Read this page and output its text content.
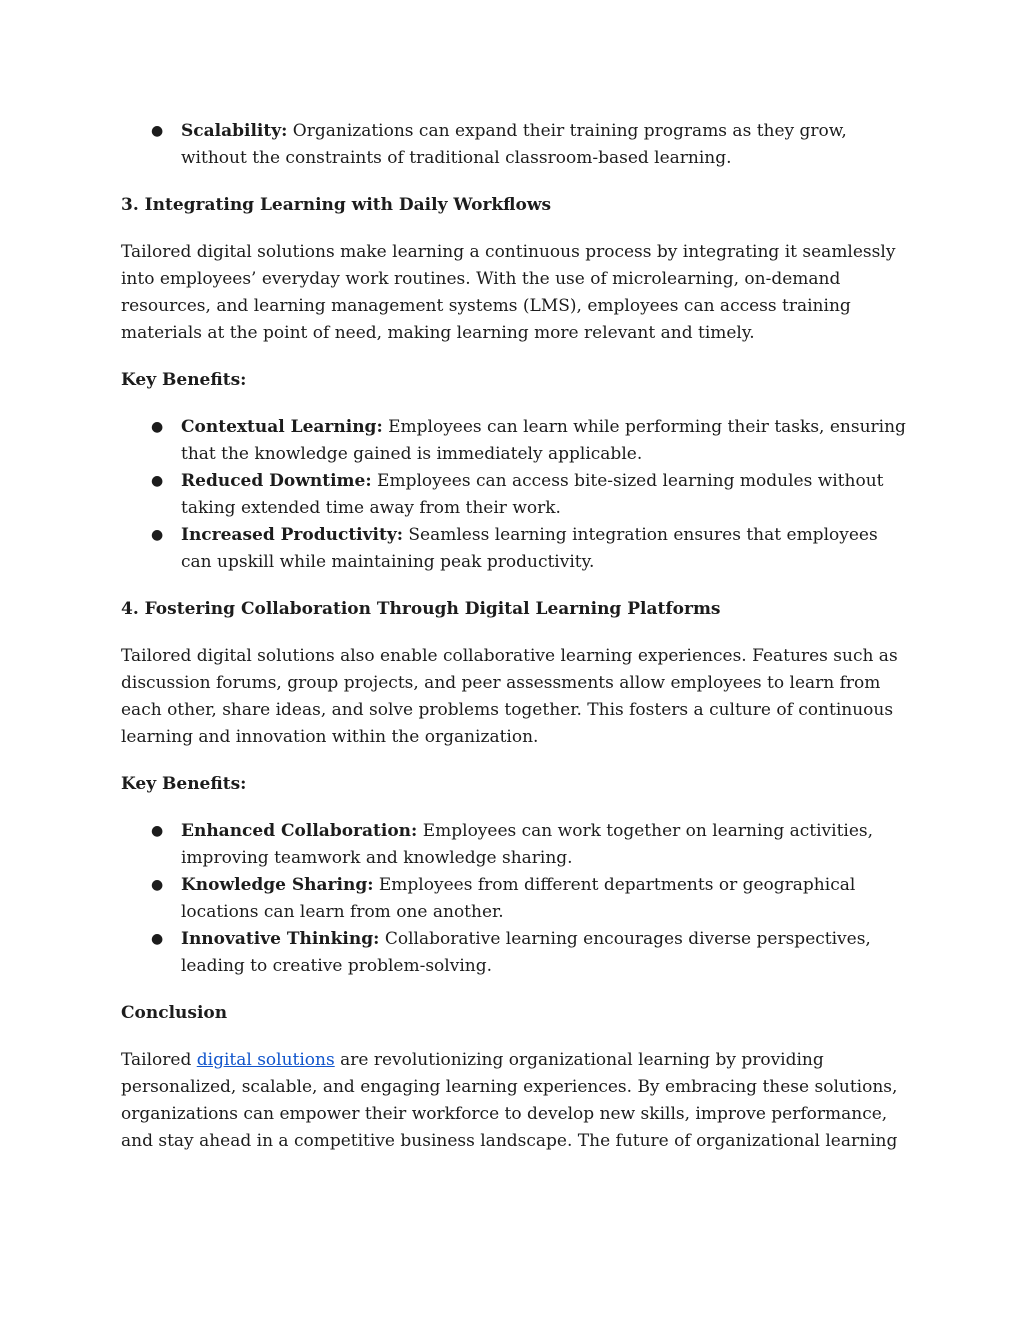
● Scalability: Organizations can expand their training programs as they grow, without the constraints of traditional classroom-based learning.

3. Integrating Learning with Daily Workflows

Tailored digital solutions make learning a continuous process by integrating it seamlessly into employees’ everyday work routines. With the use of microlearning, on-demand resources, and learning management systems (LMS), employees can access training materials at the point of need, making learning more relevant and timely.

Key Benefits:

● Contextual Learning: Employees can learn while performing their tasks, ensuring that the knowledge gained is immediately applicable.
● Reduced Downtime: Employees can access bite-sized learning modules without taking extended time away from their work.
● Increased Productivity: Seamless learning integration ensures that employees can upskill while maintaining peak productivity.

4. Fostering Collaboration Through Digital Learning Platforms

Tailored digital solutions also enable collaborative learning experiences. Features such as discussion forums, group projects, and peer assessments allow employees to learn from each other, share ideas, and solve problems together. This fosters a culture of continuous learning and innovation within the organization.

Key Benefits:

● Enhanced Collaboration: Employees can work together on learning activities, improving teamwork and knowledge sharing.
● Knowledge Sharing: Employees from different departments or geographical locations can learn from one another.
● Innovative Thinking: Collaborative learning encourages diverse perspectives, leading to creative problem-solving.

Conclusion

Tailored digital solutions are revolutionizing organizational learning by providing personalized, scalable, and engaging learning experiences. By embracing these solutions, organizations can empower their workforce to develop new skills, improve performance, and stay ahead in a competitive business landscape. The future of organizational learning
